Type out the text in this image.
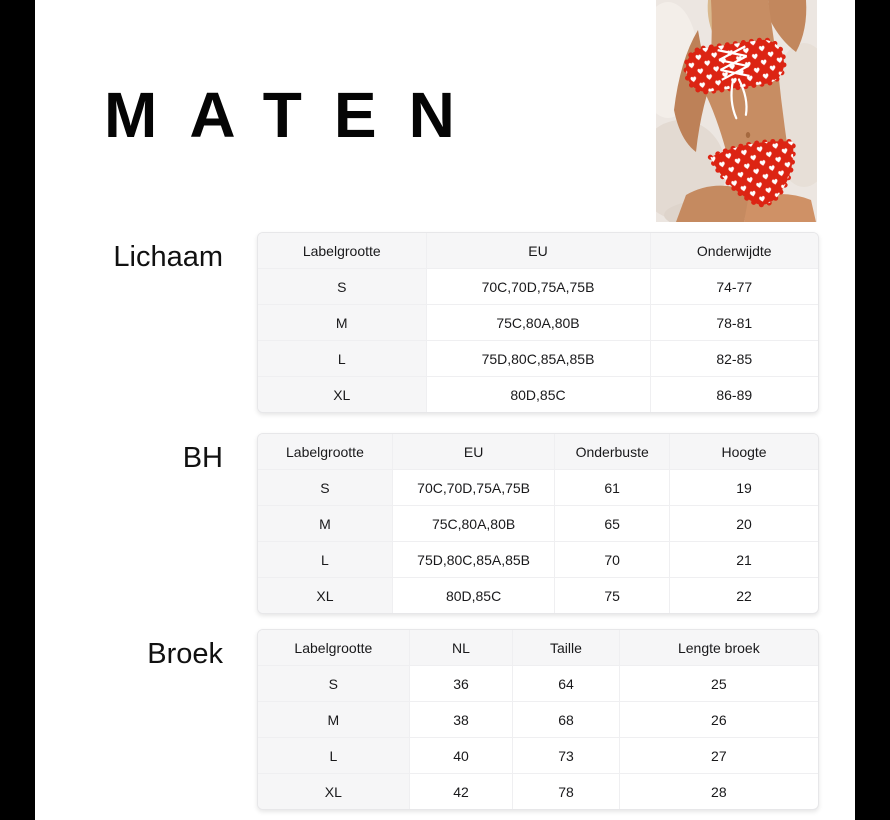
MATEN
Lichaam	Labelgrootte	EU	Onderwijdte
S	70C,70D,75A,75B	74-77
M	75C,80A,80B	78-81
L	75D,80C,85A,85B	82-85
XL	80D,85C	86-89
BH	Labelgrootte	EU	Onderbuste	Hoogte
S	70C,70D,75A,75B	61	19
M	75C,80A,80B	65	20
L	75D,80C,85A,85B	70	21
XL	80D,85C	75	22
Broek	Labelgrootte	NL	Taille	Lengte broek
S	36	64	25
M	38	68	26
L	40	73	27
XL	42	78	28
